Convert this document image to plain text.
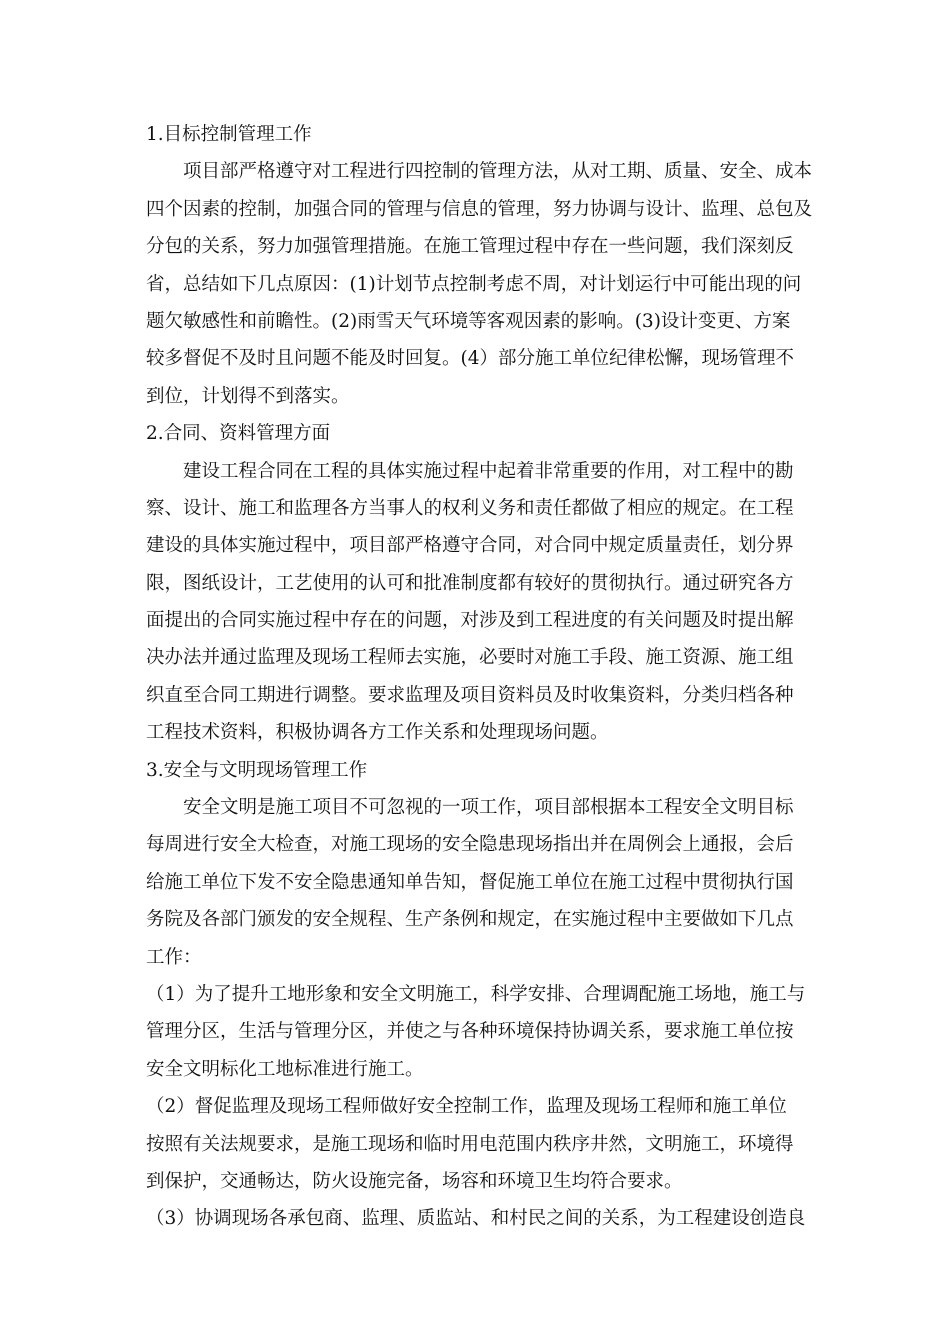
1.目标控制管理工作
项目部严格遵守对工程进行四控制的管理方法，从对工期、质量、安全、成本
四个因素的控制，加强合同的管理与信息的管理，努力协调与设计、监理、总包及
分包的关系，努力加强管理措施。在施工管理过程中存在一些问题，我们深刻反
省，总结如下几点原因：(1)计划节点控制考虑不周，对计划运行中可能出现的问
题欠敏感性和前瞻性。(2)雨雪天气环境等客观因素的影响。(3)设计变更、方案
较多督促不及时且问题不能及时回复。(4）部分施工单位纪律松懈，现场管理不
到位，计划得不到落实。
2.合同、资料管理方面
建设工程合同在工程的具体实施过程中起着非常重要的作用，对工程中的勘
察、设计、施工和监理各方当事人的权利义务和责任都做了相应的规定。在工程
建设的具体实施过程中，项目部严格遵守合同，对合同中规定质量责任，划分界
限，图纸设计，工艺使用的认可和批准制度都有较好的贯彻执行。通过研究各方
面提出的合同实施过程中存在的问题，对涉及到工程进度的有关问题及时提出解
决办法并通过监理及现场工程师去实施，必要时对施工手段、施工资源、施工组
织直至合同工期进行调整。要求监理及项目资料员及时收集资料，分类归档各种
工程技术资料，积极协调各方工作关系和处理现场问题。
3.安全与文明现场管理工作
安全文明是施工项目不可忽视的一项工作，项目部根据本工程安全文明目标
每周进行安全大检查，对施工现场的安全隐患现场指出并在周例会上通报，会后
给施工单位下发不安全隐患通知单告知，督促施工单位在施工过程中贯彻执行国
务院及各部门颁发的安全规程、生产条例和规定，在实施过程中主要做如下几点
工作：
（1）为了提升工地形象和安全文明施工，科学安排、合理调配施工场地，施工与
管理分区，生活与管理分区，并使之与各种环境保持协调关系，要求施工单位按
安全文明标化工地标准进行施工。
（2）督促监理及现场工程师做好安全控制工作，监理及现场工程师和施工单位
按照有关法规要求，是施工现场和临时用电范围内秩序井然，文明施工，环境得
到保护，交通畅达，防火设施完备，场容和环境卫生均符合要求。
（3）协调现场各承包商、监理、质监站、和村民之间的关系，为工程建设创造良
